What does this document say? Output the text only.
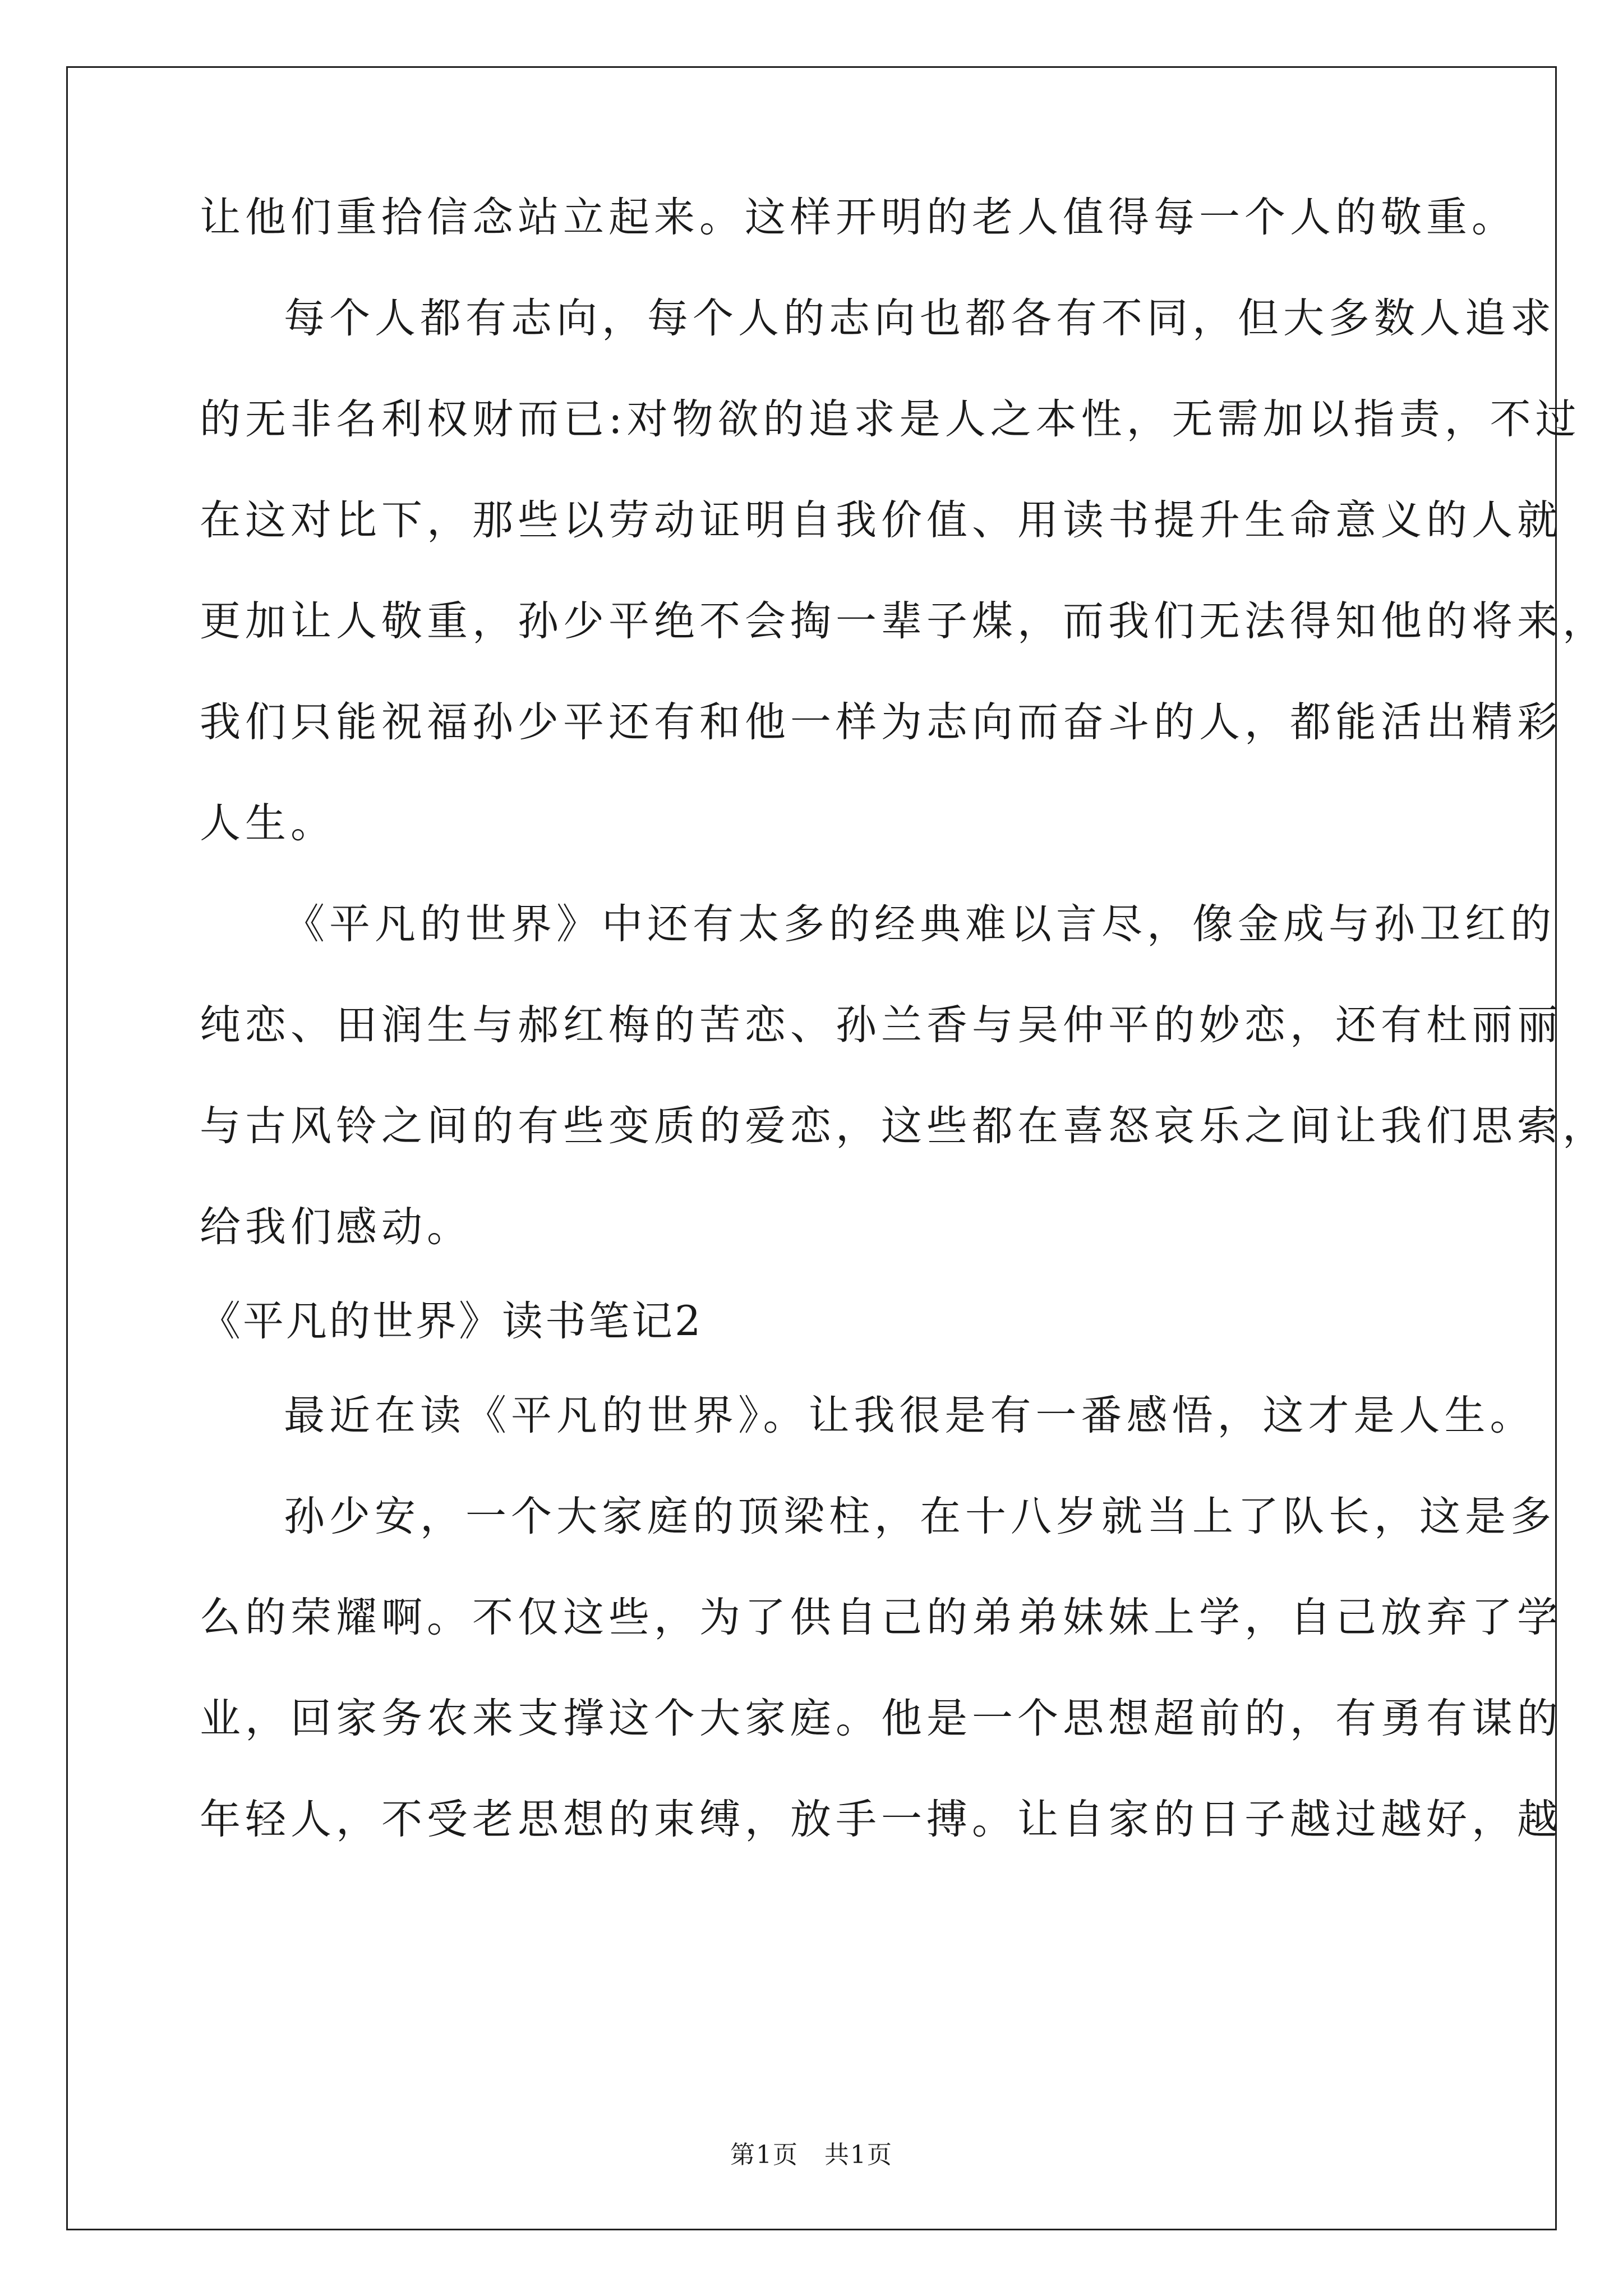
让他们重拾信念站立起来。这样开明的老人值得每一个人的敬重。
每个人都有志向，每个人的志向也都各有不同，但大多数人追求
的无非名利权财而已:对物欲的追求是人之本性，无需加以指责，不过
在这对比下，那些以劳动证明自我价值、用读书提升生命意义的人就
更加让人敬重，孙少平绝不会掏一辈子煤，而我们无法得知他的将来，
我们只能祝福孙少平还有和他一样为志向而奋斗的人，都能活出精彩
人生。
《平凡的世界》中还有太多的经典难以言尽，像金成与孙卫红的
纯恋、田润生与郝红梅的苦恋、孙兰香与吴仲平的妙恋，还有杜丽丽
与古风铃之间的有些变质的爱恋，这些都在喜怒哀乐之间让我们思索，
给我们感动。
《平凡的世界》读书笔记2
最近在读《平凡的世界》。让我很是有一番感悟，这才是人生。
孙少安，一个大家庭的顶梁柱，在十八岁就当上了队长，这是多
么的荣耀啊。不仅这些，为了供自己的弟弟妹妹上学，自己放弃了学
业，回家务农来支撑这个大家庭。他是一个思想超前的，有勇有谋的
年轻人，不受老思想的束缚，放手一搏。让自家的日子越过越好，越
第1页　共1页
